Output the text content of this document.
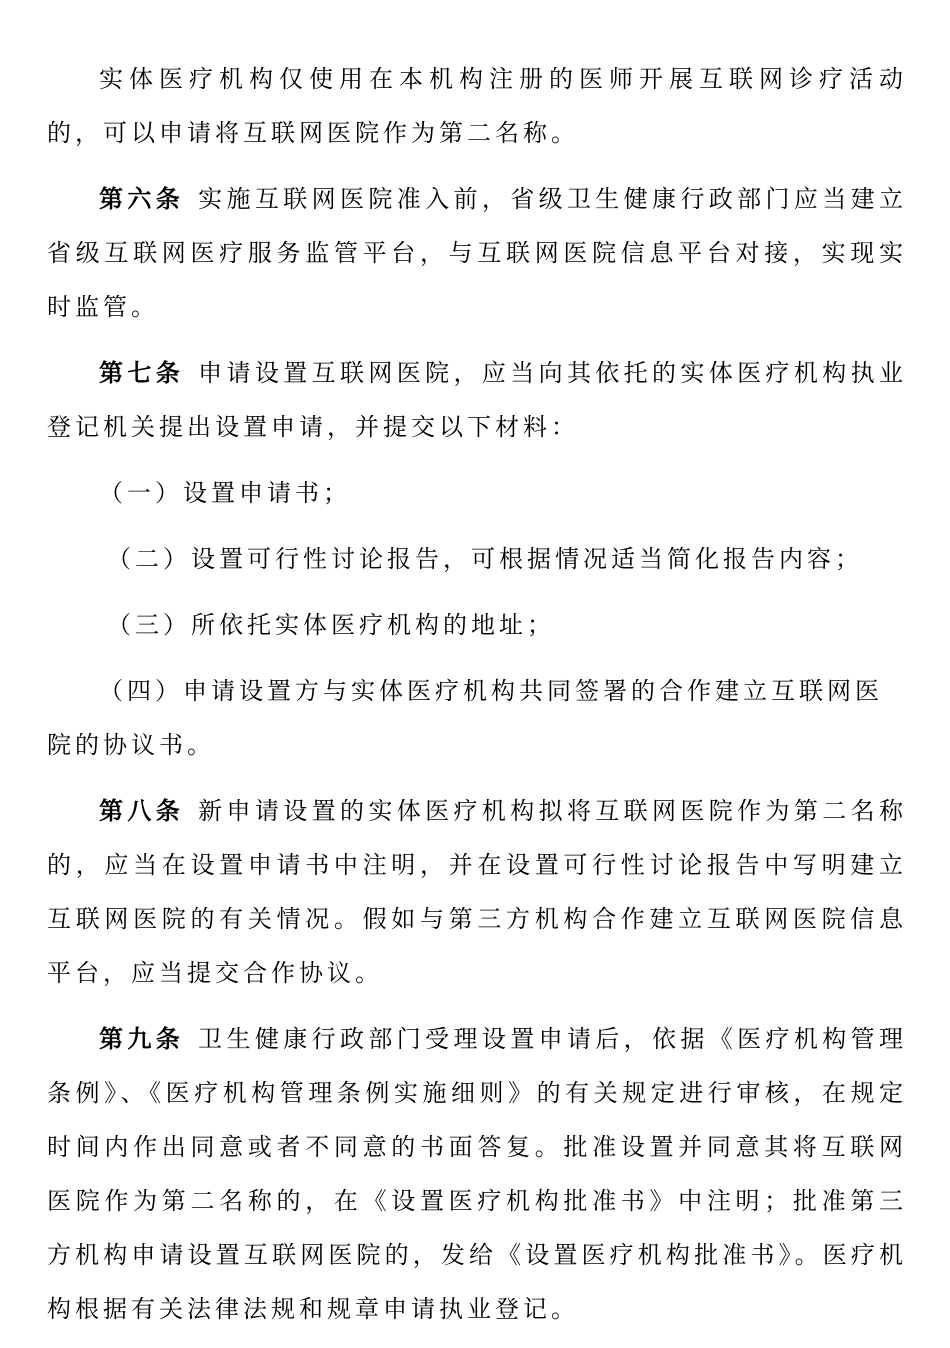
实体医疗机构仅使用在本机构注册的医师开展互联网诊疗活动的，可以申请将互联网医院作为第二名称。

第六条 实施互联网医院准入前，省级卫生健康行政部门应当建立省级互联网医疗服务监管平台，与互联网医院信息平台对接，实现实时监管。

第七条 申请设置互联网医院，应当向其依托的实体医疗机构执业登记机关提出设置申请，并提交以下材料：

（一）设置申请书；

（二）设置可行性讨论报告，可根据情况适当简化报告内容；

（三）所依托实体医疗机构的地址；

（四）申请设置方与实体医疗机构共同签署的合作建立互联网医院的协议书。

第八条 新申请设置的实体医疗机构拟将互联网医院作为第二名称的，应当在设置申请书中注明，并在设置可行性讨论报告中写明建立互联网医院的有关情况。假如与第三方机构合作建立互联网医院信息平台，应当提交合作协议。

第九条 卫生健康行政部门受理设置申请后，依据《医疗机构管理条例》、《医疗机构管理条例实施细则》的有关规定进行审核，在规定时间内作出同意或者不同意的书面答复。批准设置并同意其将互联网医院作为第二名称的，在《设置医疗机构批准书》中注明；批准第三方机构申请设置互联网医院的，发给《设置医疗机构批准书》。医疗机构根据有关法律法规和规章申请执业登记。
